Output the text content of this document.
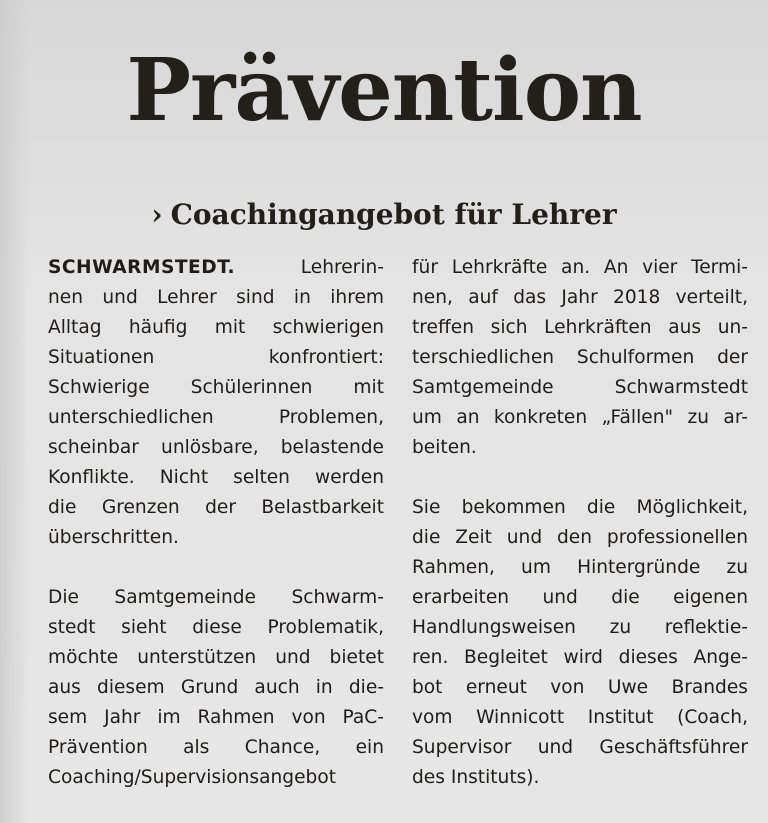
Prävention
› Coachingangebot für Lehrer
SCHWARMSTEDT.	Lehrerin-
nen und Lehrer sind in ihrem
Alltag häufig mit schwierigen
Situationen konfrontiert:
Schwierige Schülerinnen mit
unterschiedlichen Problemen,
scheinbar unlösbare, belastende
Konflikte. Nicht selten werden
die Grenzen der Belastbarkeit
überschritten.
Die Samtgemeinde Schwarm-
stedt sieht diese Problematik,
möchte unterstützen und bietet
aus diesem Grund auch in die-
sem Jahr im Rahmen von PaC-
Prävention als Chance, ein
Coaching/Supervisionsangebot
für Lehrkräfte an. An vier Termi-
nen, auf das Jahr 2018 verteilt,
treffen sich Lehrkräften aus un-
terschiedlichen Schulformen der
Samtgemeinde Schwarmstedt
um an konkreten „Fällen" zu ar-
beiten.
Sie bekommen die Möglichkeit,
die Zeit und den professionellen
Rahmen, um Hintergründe zu
erarbeiten und die eigenen
Handlungsweisen zu reflektie-
ren. Begleitet wird dieses Ange-
bot erneut von Uwe Brandes
vom Winnicott Institut (Coach,
Supervisor und Geschäftsführer
des Instituts).
